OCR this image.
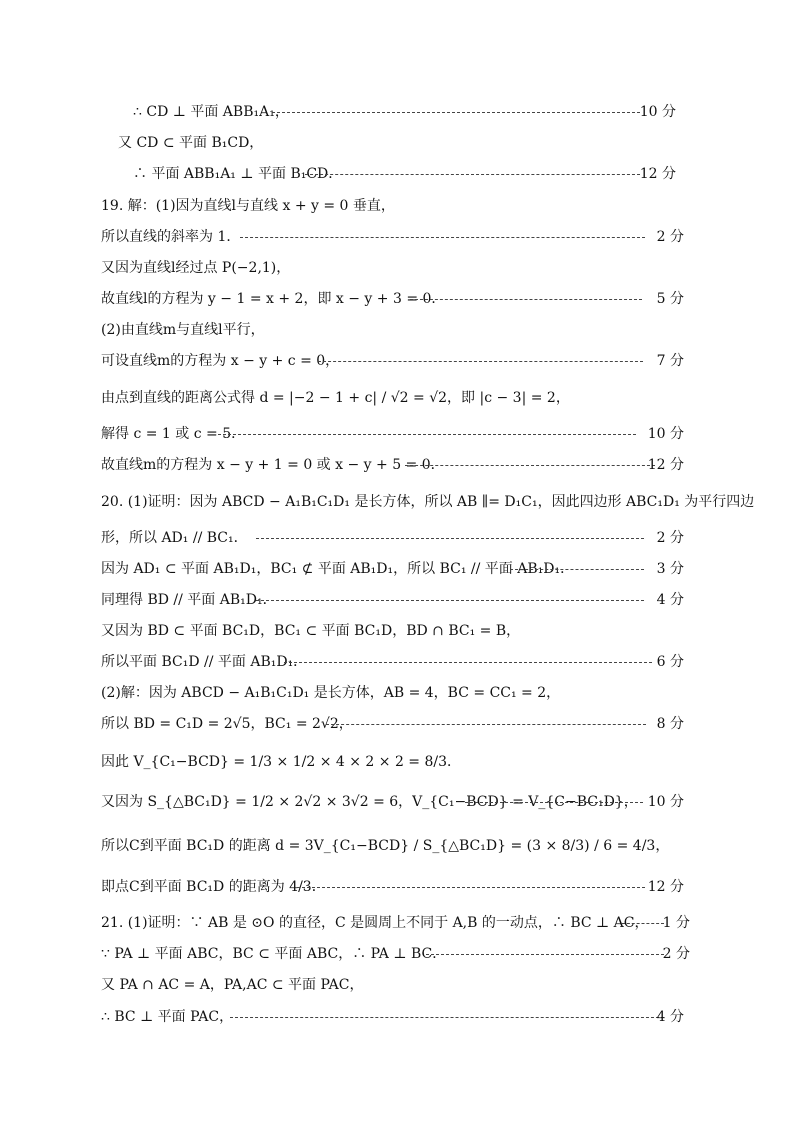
∴ CD ⊥ 平面 ABB₁A₁，	10 分
又 CD ⊂ 平面 B₁CD，
∴ 平面 ABB₁A₁ ⊥ 平面 B₁CD．	12 分
19. 解：(1)因为直线l与直线 x + y = 0 垂直，
所以直线的斜率为 1．	2 分
又因为直线l经过点 P(−2,1)，
故直线l的方程为 y − 1 = x + 2，即 x − y + 3 = 0．	5 分
(2)由直线m与直线l平行，
可设直线m的方程为 x − y + c = 0，	7 分
由点到直线的距离公式得 d = |−2 − 1 + c| / √2 = √2，即 |c − 3| = 2，
解得 c = 1 或 c = 5．	10 分
故直线m的方程为 x − y + 1 = 0 或 x − y + 5 = 0．	12 分
20. (1)证明：因为 ABCD − A₁B₁C₁D₁ 是长方体，所以 AB ∥= D₁C₁，因此四边形 ABC₁D₁ 为平行四边
形，所以 AD₁ // BC₁．	2 分
因为 AD₁ ⊂ 平面 AB₁D₁，BC₁ ⊄ 平面 AB₁D₁，所以 BC₁ // 平面 AB₁D₁．	3 分
同理得 BD // 平面 AB₁D₁．	4 分
又因为 BD ⊂ 平面 BC₁D，BC₁ ⊂ 平面 BC₁D，BD ∩ BC₁ = B，
所以平面 BC₁D // 平面 AB₁D₁．	6 分
(2)解：因为 ABCD − A₁B₁C₁D₁ 是长方体，AB = 4，BC = CC₁ = 2，
所以 BD = C₁D = 2√5，BC₁ = 2√2，	8 分
因此 V_{C₁−BCD} = 1/3 × 1/2 × 4 × 2 × 2 = 8/3．
又因为 S_{△BC₁D} = 1/2 × 2√2 × 3√2 = 6，V_{C₁−BCD} = V_{C−BC₁D}， 10 分
所以C到平面 BC₁D 的距离 d = 3V_{C₁−BCD} / S_{△BC₁D} = (3 × 8/3) / 6 = 4/3，
即点C到平面 BC₁D 的距离为 4/3．	12 分
21. (1)证明：∵ AB 是 ⊙O 的直径，C 是圆周上不同于 A,B 的一动点，∴ BC ⊥ AC，	1 分
∵ PA ⊥ 平面 ABC，BC ⊂ 平面 ABC，∴ PA ⊥ BC．	2 分
又 PA ∩ AC = A，PA,AC ⊂ 平面 PAC，
∴ BC ⊥ 平面 PAC，	4 分
